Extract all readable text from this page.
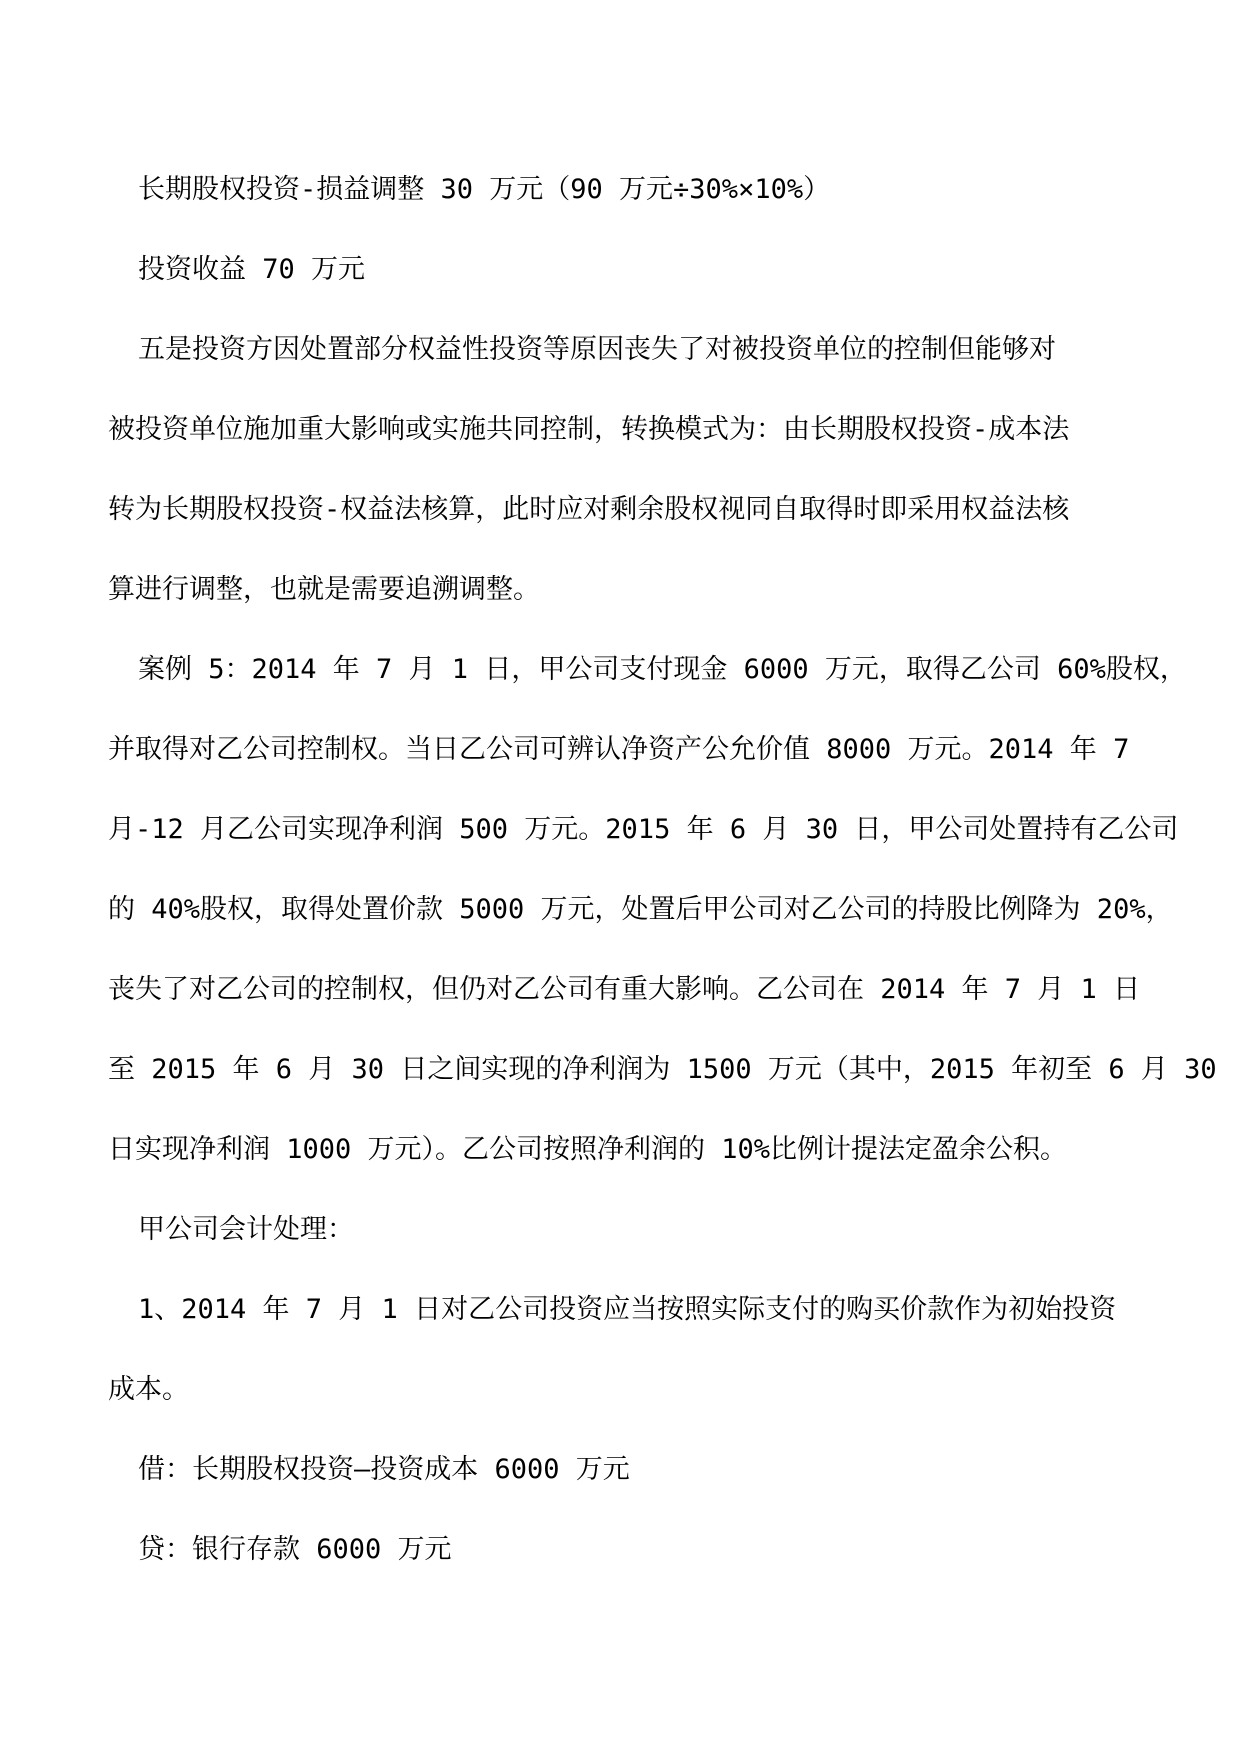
长期股权投资-损益调整 30 万元（90 万元÷30%×10%）
投资收益 70 万元
五是投资方因处置部分权益性投资等原因丧失了对被投资单位的控制但能够对
被投资单位施加重大影响或实施共同控制，转换模式为：由长期股权投资-成本法
转为长期股权投资-权益法核算，此时应对剩余股权视同自取得时即采用权益法核
算进行调整，也就是需要追溯调整。
案例 5：2014 年 7 月 1 日，甲公司支付现金 6000 万元，取得乙公司 60%股权，
并取得对乙公司控制权。当日乙公司可辨认净资产公允价值 8000 万元。2014 年 7
月-12 月乙公司实现净利润 500 万元。2015 年 6 月 30 日，甲公司处置持有乙公司
的 40%股权，取得处置价款 5000 万元，处置后甲公司对乙公司的持股比例降为 20%，
丧失了对乙公司的控制权，但仍对乙公司有重大影响。乙公司在 2014 年 7 月 1 日
至 2015 年 6 月 30 日之间实现的净利润为 1500 万元（其中，2015 年初至 6 月 30
日实现净利润 1000 万元）。乙公司按照净利润的 10%比例计提法定盈余公积。
甲公司会计处理：
1、2014 年 7 月 1 日对乙公司投资应当按照实际支付的购买价款作为初始投资
成本。
借：长期股权投资—投资成本 6000 万元
贷：银行存款 6000 万元
